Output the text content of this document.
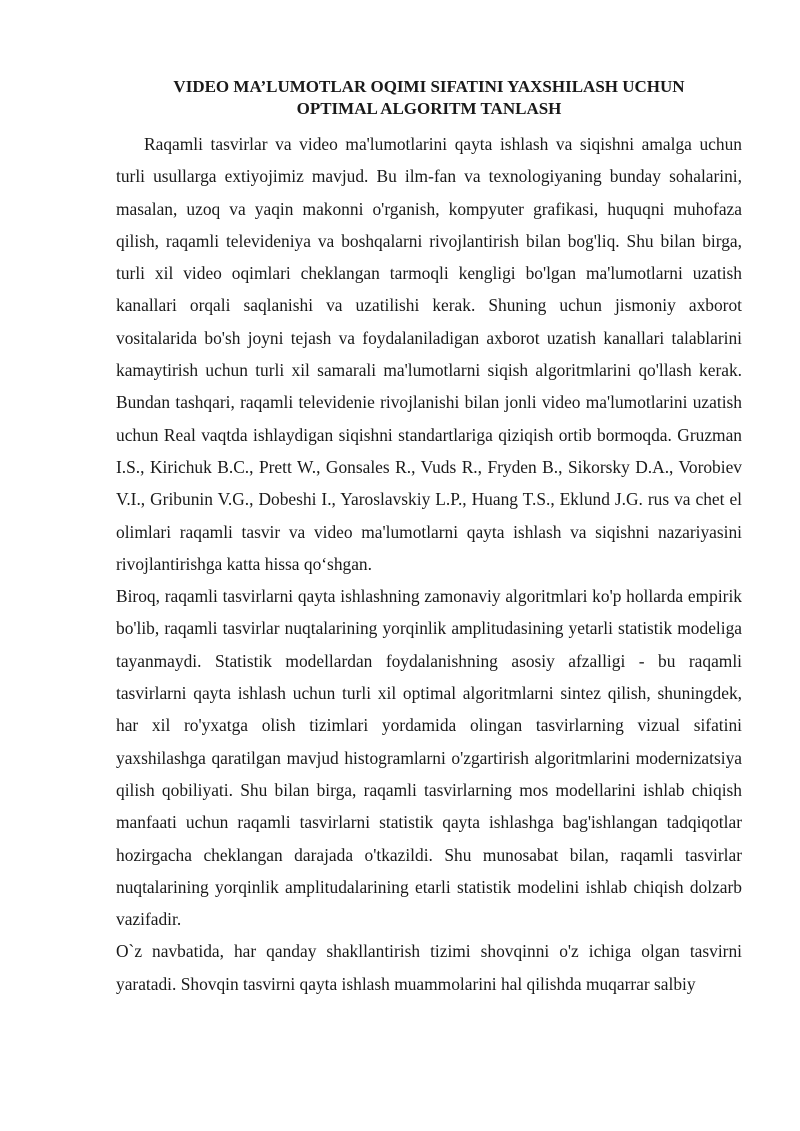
VIDEO MA’LUMOTLAR OQIMI SIFATINI YAXSHILASH UCHUN
OPTIMAL ALGORITM TANLASH

Raqamli tasvirlar va video ma'lumotlarini qayta ishlash va siqishni amalga uchun turli usullarga extiyojimiz mavjud. Bu ilm-fan va texnologiyaning bunday sohalarini, masalan, uzoq va yaqin makonni o'rganish, kompyuter grafikasi, huquqni muhofaza qilish, raqamli televideniya va boshqalarni rivojlantirish bilan bog'liq. Shu bilan birga, turli xil video oqimlari cheklangan tarmoqli kengligi bo'lgan ma'lumotlarni uzatish kanallari orqali saqlanishi va uzatilishi kerak. Shuning uchun jismoniy axborot vositalarida bo'sh joyni tejash va foydalaniladigan axborot uzatish kanallari talablarini kamaytirish uchun turli xil samarali ma'lumotlarni siqish algoritmlarini qo'llash kerak. Bundan tashqari, raqamli televidenie rivojlanishi bilan jonli video ma'lumotlarini uzatish uchun Real vaqtda ishlaydigan siqishni standartlariga qiziqish ortib bormoqda. Gruzman I.S., Kirichuk B.C., Prett W., Gonsales R., Vuds R., Fryden B., Sikorsky D.A., Vorobiev V.I., Gribunin V.G., Dobeshi I., Yaroslavskiy L.P., Huang T.S., Eklund J.G. rus va chet el olimlari raqamli tasvir va video ma'lumotlarni qayta ishlash va siqishni nazariyasini rivojlantirishga katta hissa qo‘shgan.

Biroq, raqamli tasvirlarni qayta ishlashning zamonaviy algoritmlari ko'p hollarda empirik bo'lib, raqamli tasvirlar nuqtalarining yorqinlik amplitudasining yetarli statistik modeliga tayanmaydi. Statistik modellardan foydalanishning asosiy afzalligi - bu raqamli tasvirlarni qayta ishlash uchun turli xil optimal algoritmlarni sintez qilish, shuningdek, har xil ro'yxatga olish tizimlari yordamida olingan tasvirlarning vizual sifatini yaxshilashga qaratilgan mavjud histogramlarni o'zgartirish algoritmlarini modernizatsiya qilish qobiliyati. Shu bilan birga, raqamli tasvirlarning mos modellarini ishlab chiqish manfaati uchun raqamli tasvirlarni statistik qayta ishlashga bag'ishlangan tadqiqotlar hozirgacha cheklangan darajada o'tkazildi. Shu munosabat bilan, raqamli tasvirlar nuqtalarining yorqinlik amplitudalarining etarli statistik modelini ishlab chiqish dolzarb vazifadir.

O`z navbatida, har qanday shakllantirish tizimi shovqinni o'z ichiga olgan tasvirni yaratadi. Shovqin tasvirni qayta ishlash muammolarini hal qilishda muqarrar salbiy
